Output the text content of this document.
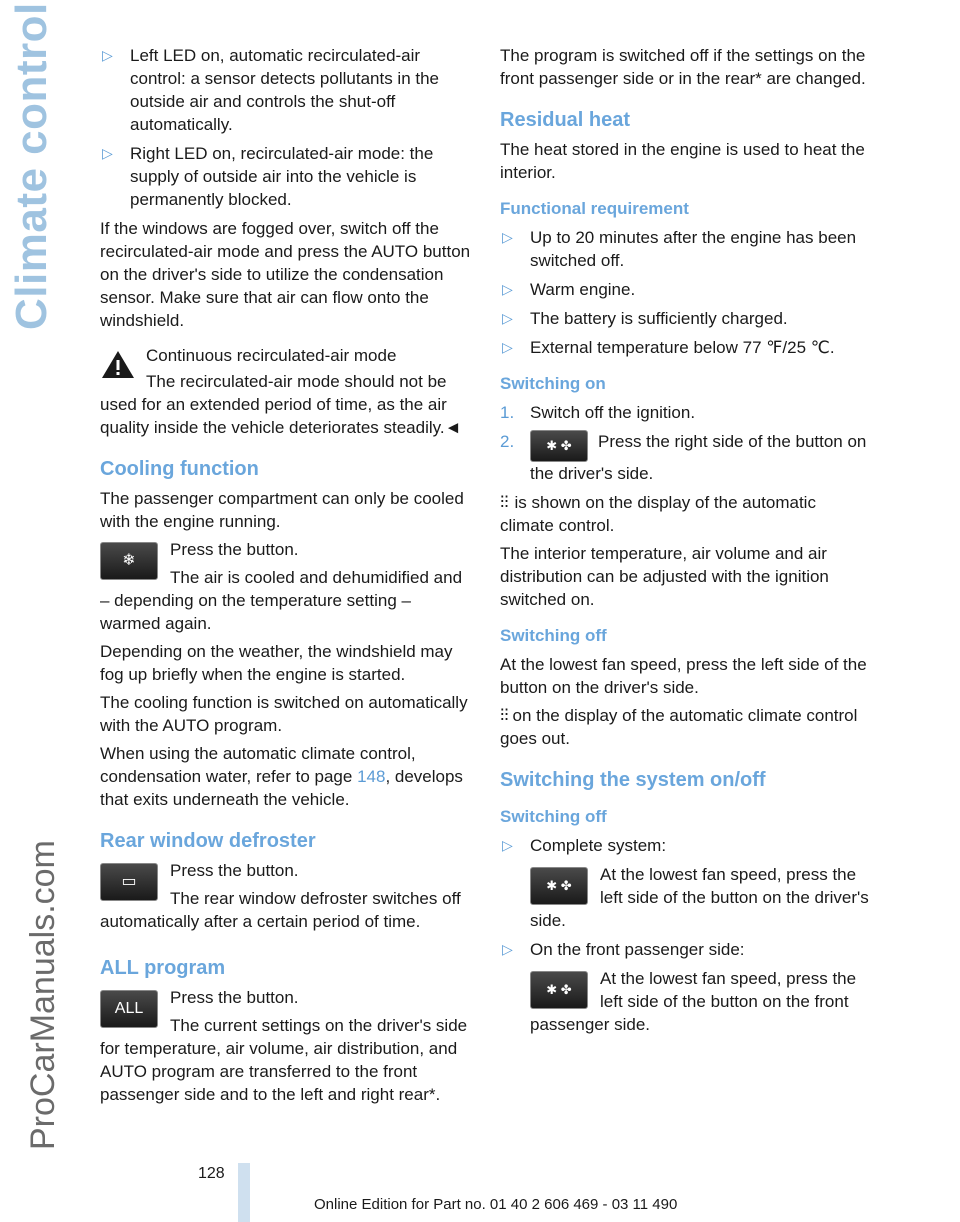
Climate control
ProCarManuals.com
▷ Left LED on, automatic recirculated-air control: a sensor detects pollutants in the outside air and controls the shut-off automatically.
▷ Right LED on, recirculated-air mode: the supply of outside air into the vehicle is permanently blocked.

If the windows are fogged over, switch off the recirculated-air mode and press the AUTO button on the driver's side to utilize the condensation sensor. Make sure that air can flow onto the windshield.

Continuous recirculated-air mode

The recirculated-air mode should not be used for an extended period of time, as the air quality inside the vehicle deteriorates steadily.◄

Cooling function

The passenger compartment can only be cooled with the engine running.

❄

Press the button.

The air is cooled and dehumidified and – depending on the temperature setting – warmed again.

Depending on the weather, the windshield may fog up briefly when the engine is started.

The cooling function is switched on automatically with the AUTO program.

When using the automatic climate control, condensation water, refer to page 148, develops that exits underneath the vehicle.

Rear window defroster
▭

Press the button.

The rear window defroster switches off automatically after a certain period of time.

ALL program
ALL

Press the button.

The current settings on the driver's side for temperature, air volume, air distribution, and AUTO program are transferred to the front passenger side and to the left and right rear*.

The program is switched off if the settings on the front passenger side or in the rear* are changed.

Residual heat

The heat stored in the engine is used to heat the interior.

Functional requirement
▷ Up to 20 minutes after the engine has been switched off.
▷ Warm engine.
▷ The battery is sufficiently charged.
▷ External temperature below 77 ℉/25 ℃.
Switching on
1. Switch off the ignition.
2. ✱ ✤ Press the right side of the button on the driver's side.

⫶⫶ is shown on the display of the automatic climate control.

The interior temperature, air volume and air distribution can be adjusted with the ignition switched on.

Switching off

At the lowest fan speed, press the left side of the button on the driver's side.

⫶⫶ on the display of the automatic climate control goes out.

Switching the system on/off
Switching off
▷ Complete system:
✱ ✤
At the lowest fan speed, press the left side of the button on the driver's side.
▷ On the front passenger side:
✱ ✤
At the lowest fan speed, press the left side of the button on the front passenger side.
128
Online Edition for Part no. 01 40 2 606 469 - 03 11 490
